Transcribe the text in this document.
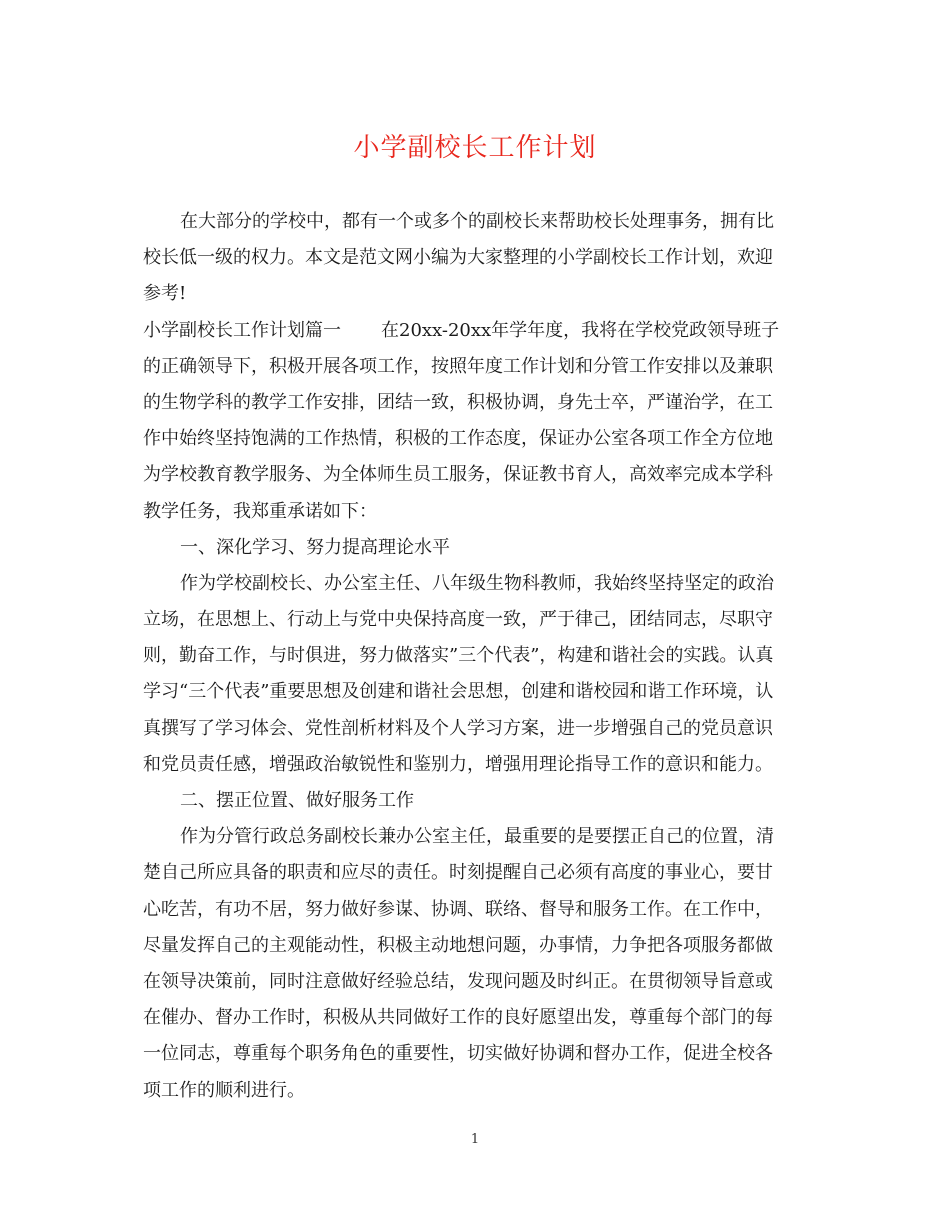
小学副校长工作计划
在大部分的学校中，都有一个或多个的副校长来帮助校长处理事务，拥有比
校长低一级的权力。本文是范文网小编为大家整理的小学副校长工作计划，欢迎
参考!
小学副校长工作计划篇一 在20xx-20xx年学年度，我将在学校党政领导班子
的正确领导下，积极开展各项工作，按照年度工作计划和分管工作安排以及兼职
的生物学科的教学工作安排，团结一致，积极协调，身先士卒，严谨治学，在工
作中始终坚持饱满的工作热情，积极的工作态度，保证办公室各项工作全方位地
为学校教育教学服务、为全体师生员工服务，保证教书育人，高效率完成本学科
教学任务，我郑重承诺如下：
一、深化学习、努力提高理论水平
作为学校副校长、办公室主任、八年级生物科教师，我始终坚持坚定的政治
立场，在思想上、行动上与党中央保持高度一致，严于律己，团结同志，尽职守
则，勤奋工作，与时俱进，努力做落实”三个代表”，构建和谐社会的实践。认真
学习“三个代表”重要思想及创建和谐社会思想，创建和谐校园和谐工作环境，认
真撰写了学习体会、党性剖析材料及个人学习方案，进一步增强自己的党员意识
和党员责任感，增强政治敏锐性和鉴别力，增强用理论指导工作的意识和能力。
二、摆正位置、做好服务工作
作为分管行政总务副校长兼办公室主任，最重要的是要摆正自己的位置，清
楚自己所应具备的职责和应尽的责任。时刻提醒自己必须有高度的事业心，要甘
心吃苦，有功不居，努力做好参谋、协调、联络、督导和服务工作。在工作中，
尽量发挥自己的主观能动性，积极主动地想问题，办事情，力争把各项服务都做
在领导决策前，同时注意做好经验总结，发现问题及时纠正。在贯彻领导旨意或
在催办、督办工作时，积极从共同做好工作的良好愿望出发，尊重每个部门的每
一位同志，尊重每个职务角色的重要性，切实做好协调和督办工作，促进全校各
项工作的顺利进行。
1
